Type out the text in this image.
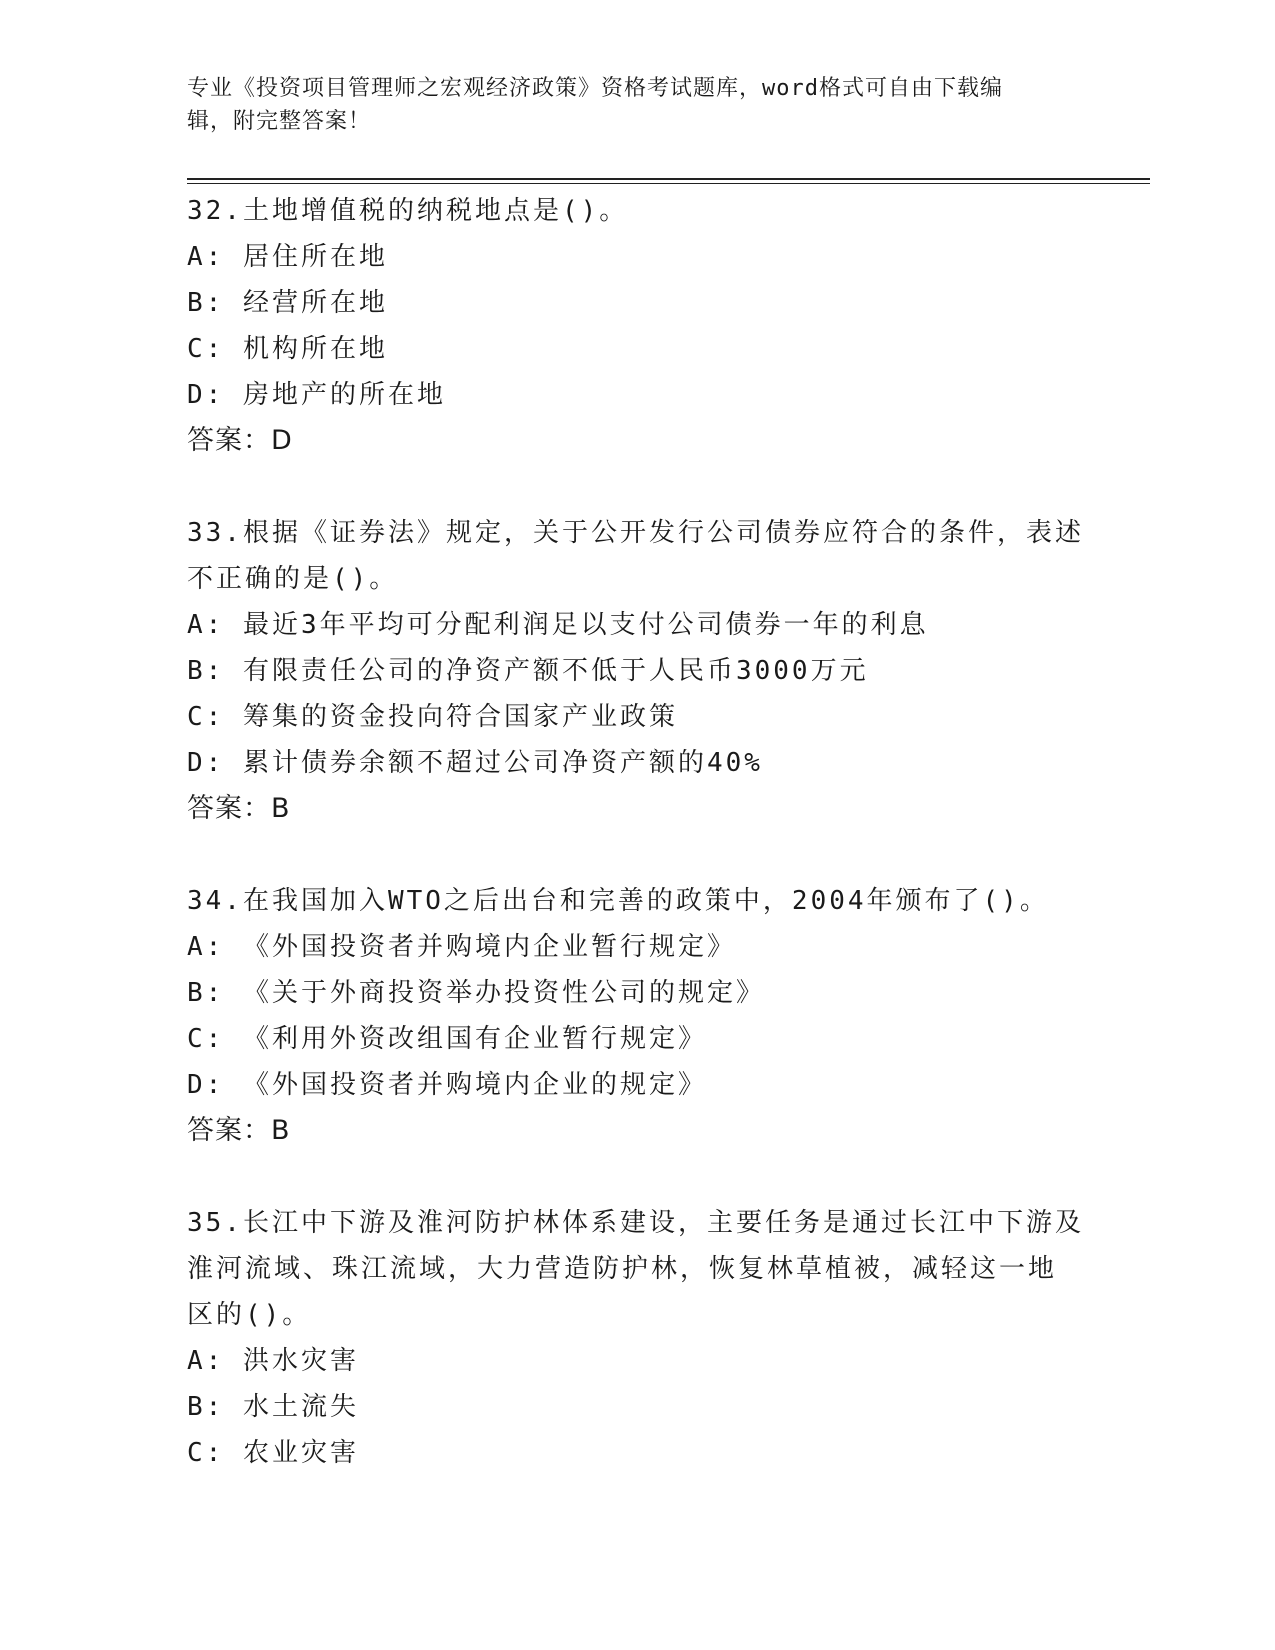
专业《投资项目管理师之宏观经济政策》资格考试题库，word格式可自由下载编
辑，附完整答案！
32.土地增值税的纳税地点是()。
A: 居住所在地
B: 经营所在地
C: 机构所在地
D: 房地产的所在地
答案：D
33.根据《证券法》规定，关于公开发行公司债券应符合的条件，表述
不正确的是()。
A: 最近3年平均可分配利润足以支付公司债券一年的利息
B: 有限责任公司的净资产额不低于人民币3000万元
C: 筹集的资金投向符合国家产业政策
D: 累计债券余额不超过公司净资产额的40%
答案：B
34.在我国加入WTO之后出台和完善的政策中，2004年颁布了()。
A: 《外国投资者并购境内企业暂行规定》
B: 《关于外商投资举办投资性公司的规定》
C: 《利用外资改组国有企业暂行规定》
D: 《外国投资者并购境内企业的规定》
答案：B
35.长江中下游及淮河防护林体系建设，主要任务是通过长江中下游及
淮河流域、珠江流域，大力营造防护林，恢复林草植被，减轻这一地
区的()。
A: 洪水灾害
B: 水土流失
C: 农业灾害
